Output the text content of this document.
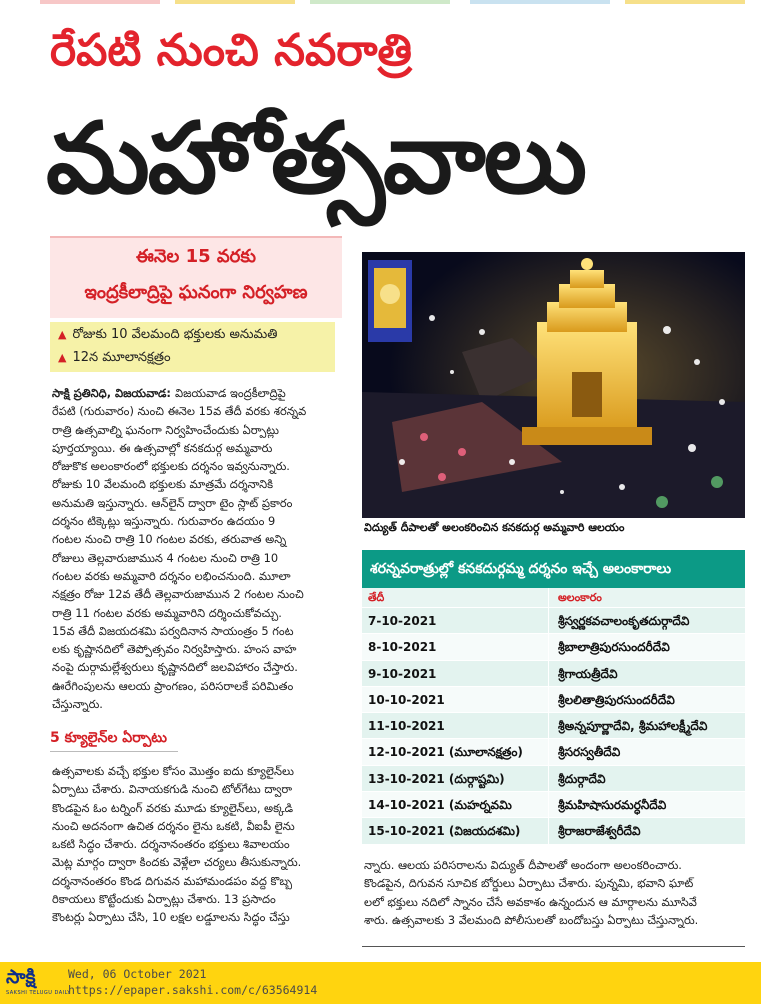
రేపటి నుంచి నవరాత్రి
మహోత్సవాలు
ఈనెల 15 వరకు
ఇంద్రకీలాద్రిపై ఘనంగా నిర్వహణ
▲ రోజుకు 10 వేలమంది భక్తులకు అనుమతి
▲ 12న మూలానక్షత్రం
సాక్షి ప్రతినిధి, విజయవాడ: విజయవాడ ఇంద్రకీలాద్రిపై
రేపటి (గురువారం) నుంచి ఈనెల 15వ తేదీ వరకు శరన్నవ
రాత్రి ఉత్సవాల్ని ఘనంగా నిర్వహించేందుకు ఏర్పాట్లు
పూర్తయ్యాయి. ఈ ఉత్సవాల్లో కనకదుర్గ అమ్మవారు
రోజుకొక అలంకారంలో భక్తులకు దర్శనం ఇవ్వనున్నారు.
రోజుకు 10 వేలమంది భక్తులకు మాత్రమే దర్శనానికి
అనుమతి ఇస్తున్నారు. ఆన్‌లైన్ ద్వారా టైం స్లాట్ ప్రకారం
దర్శనం టిక్కెట్లు ఇస్తున్నారు. గురువారం ఉదయం 9
గంటల నుంచి రాత్రి 10 గంటల వరకు, తరువాత అన్ని
రోజులు తెల్లవారుజామున 4 గంటల నుంచి రాత్రి 10
గంటల వరకు అమ్మవారి దర్శనం లభించనుంది. మూలా
నక్షత్రం రోజు 12వ తేదీ తెల్లవారుజామున 2 గంటల నుంచి
రాత్రి 11 గంటల వరకు అమ్మవారిని దర్శించుకోవచ్చు.
15వ తేదీ విజయదశమి పర్వదినాన సాయంత్రం 5 గంట
లకు కృష్ణానదిలో తెప్పోత్సవం నిర్వహిస్తారు. హంస వాహ
నంపై దుర్గామల్లేశ్వరులు కృష్ణానదిలో జలవిహారం చేస్తారు.
ఊరేగింపులను ఆలయ ప్రాంగణం, పరిసరాలకే పరిమితం
చేస్తున్నారు.
5 క్యూలైన్‌ల ఏర్పాటు
ఉత్సవాలకు వచ్చే భక్తుల కోసం మొత్తం ఐదు క్యూలైన్‌లు
ఏర్పాటు చేశారు. వినాయకగుడి నుంచి టోల్‌గేటు ద్వారా
కొండపైన ఓం టర్నింగ్ వరకు మూడు క్యూలైన్‌లు, అక్కడి
నుంచి అదనంగా ఉచిత దర్శనం లైను ఒకటి, వీఐపీ లైను
ఒకటి సిద్ధం చేశారు. దర్శనానంతరం భక్తులు శివాలయం
మెట్ల మార్గం ద్వారా కిందకు వెళ్లేలా చర్యలు తీసుకున్నారు.
దర్శనానంతరం కొండ దిగువన మహామండపం వద్ద కొబ్బ
రికాయలు కొట్టేందుకు ఏర్పాట్లు చేశారు. 13 ప్రసాదం
కౌంటర్లు ఏర్పాటు చేసి, 10 లక్షల లడ్డూలను సిద్ధం చేస్తు
విద్యుత్ దీపాలతో అలంకరించిన కనకదుర్గ అమ్మవారి ఆలయం
శరన్నవరాత్రుల్లో కనకదుర్గమ్మ దర్శనం ఇచ్చే అలంకారాలు
తేదీ	అలంకారం
7-10-2021	శ్రీస్వర్ణకవచాలంకృతదుర్గాదేవి
8-10-2021	శ్రీబాలాత్రిపురసుందరీదేవి
9-10-2021	శ్రీగాయత్రీదేవి
10-10-2021	శ్రీలలితాత్రిపురసుందరీదేవి
11-10-2021	శ్రీఅన్నపూర్ణాదేవి, శ్రీమహాలక్ష్మీదేవి
12-10-2021 (మూలానక్షత్రం)	శ్రీసరస్వతీదేవి
13-10-2021 (దుర్గాష్టమి)	శ్రీదుర్గాదేవి
14-10-2021 (మహర్నవమి	శ్రీమహిషాసురమర్ధనీదేవి
15-10-2021 (విజయదశమి)	శ్రీరాజరాజేశ్వరీదేవి
న్నారు. ఆలయ పరిసరాలను విద్యుత్ దీపాలతో అందంగా అలంకరించారు.
కొండపైన, దిగువన సూచిక బోర్డులు ఏర్పాటు చేశారు. పున్నమి, భవాని ఘాట్
లలో భక్తులు నదిలో స్నానం చేసే అవకాశం ఉన్నందున ఆ మార్గాలను మూసివే
శారు. ఉత్సవాలకు 3 వేలమంది పోలీసులతో బందోబస్తు ఏర్పాటు చేస్తున్నారు.
సాక్షి
SAKSHI TELUGU DAILY
Wed, 06 October 2021
https://epaper.sakshi.com/c/63564914
